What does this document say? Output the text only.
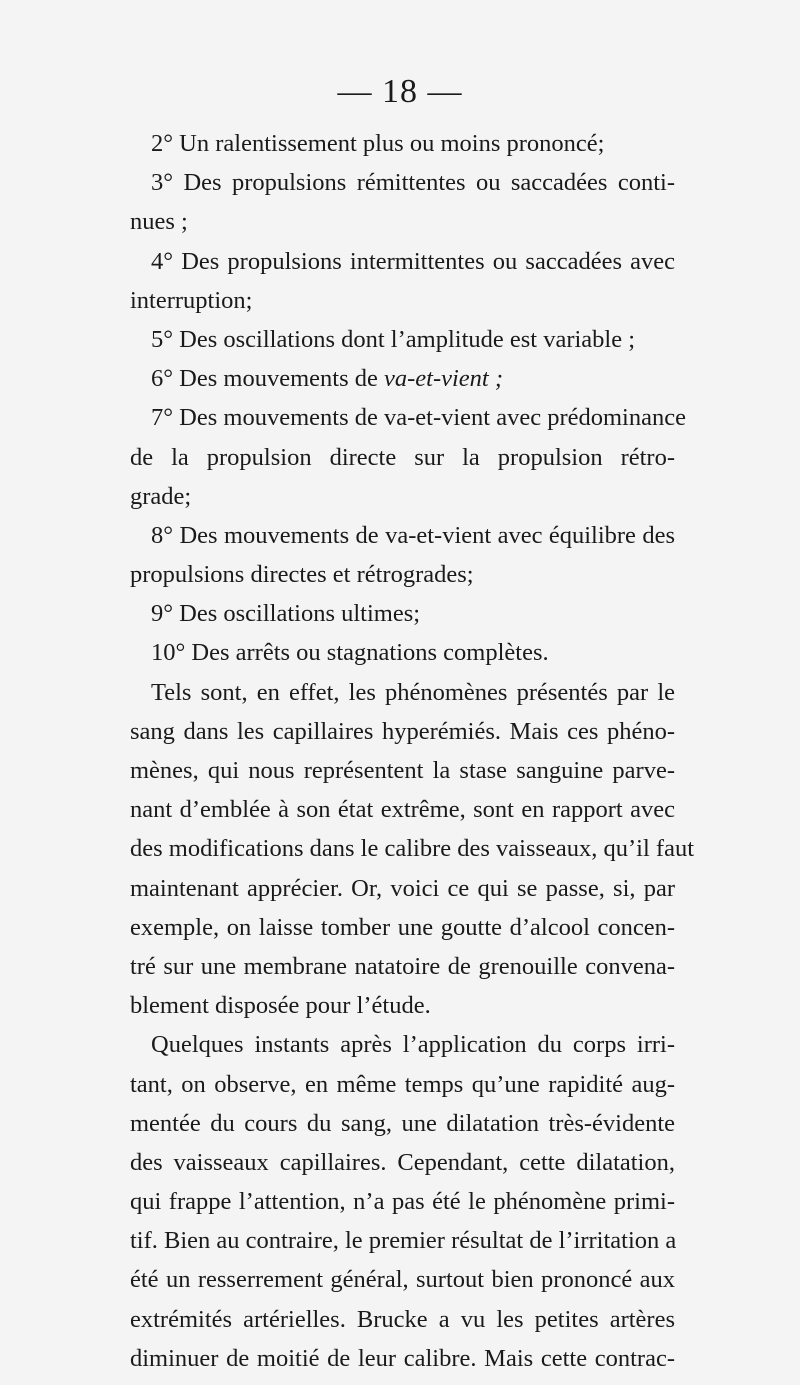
— 18 —
2° Un ralentissement plus ou moins prononcé;
3° Des propulsions rémittentes ou saccadées conti-
nues ;
4° Des propulsions intermittentes ou saccadées avec
interruption;
5° Des oscillations dont l’amplitude est variable ;
6° Des mouvements de va-et-vient ;
7° Des mouvements de va-et-vient avec prédominance
de la propulsion directe sur la propulsion rétro-
grade;
8° Des mouvements de va-et-vient avec équilibre des
propulsions directes et rétrogrades;
9° Des oscillations ultimes;
10° Des arrêts ou stagnations complètes.
Tels sont, en effet, les phénomènes présentés par le
sang dans les capillaires hyperémiés. Mais ces phéno-
mènes, qui nous représentent la stase sanguine parve-
nant d’emblée à son état extrême, sont en rapport avec
des modifications dans le calibre des vaisseaux, qu’il faut
maintenant apprécier. Or, voici ce qui se passe, si, par
exemple, on laisse tomber une goutte d’alcool concen-
tré sur une membrane natatoire de grenouille convena-
blement disposée pour l’étude.
Quelques instants après l’application du corps irri-
tant, on observe, en même temps qu’une rapidité aug-
mentée du cours du sang, une dilatation très-évidente
des vaisseaux capillaires. Cependant, cette dilatation,
qui frappe l’attention, n’a pas été le phénomène primi-
tif. Bien au contraire, le premier résultat de l’irritation a
été un resserrement général, surtout bien prononcé aux
extrémités artérielles. Brucke a vu les petites artères
diminuer de moitié de leur calibre. Mais cette contrac-
